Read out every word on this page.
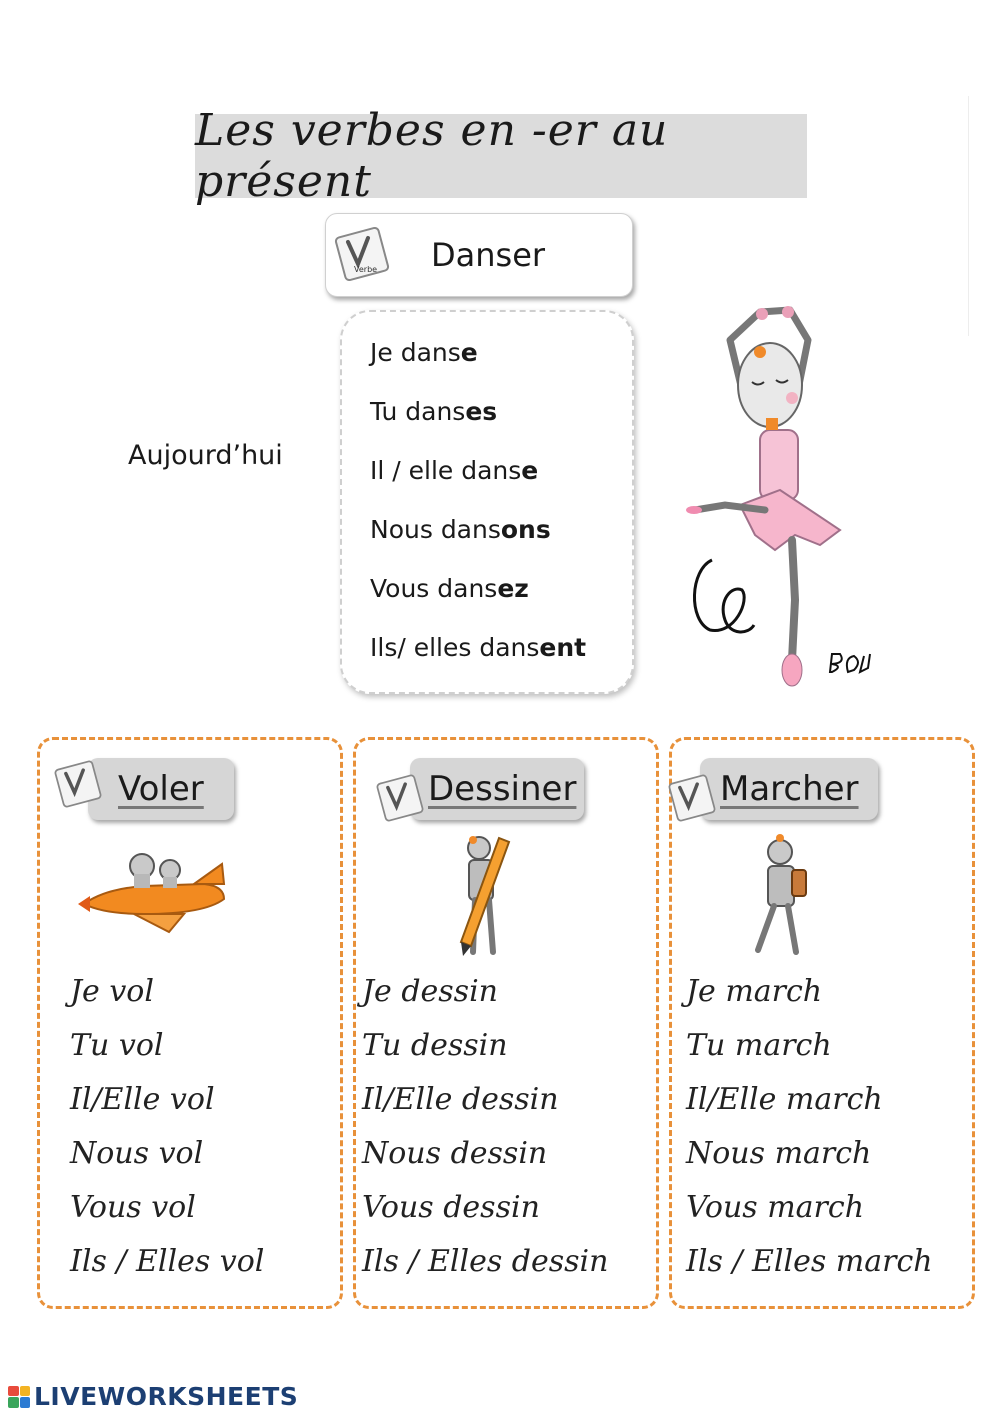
Les verbes en -er au présent
Verbe Danser
Aujourd’hui
Je danse
Tu danses
Il / elle danse
Nous dansons
Vous dansez
Ils/ elles dansent
Voler
Je vol
Tu vol
Il/Elle vol
Nous vol
Vous vol
Ils / Elles vol
Dessiner
Je dessin
Tu dessin
Il/Elle dessin
Nous dessin
Vous dessin
Ils / Elles dessin
Marcher
Je march
Tu march
Il/Elle march
Nous march
Vous march
Ils / Elles march
LIVEWORKSHEETS
